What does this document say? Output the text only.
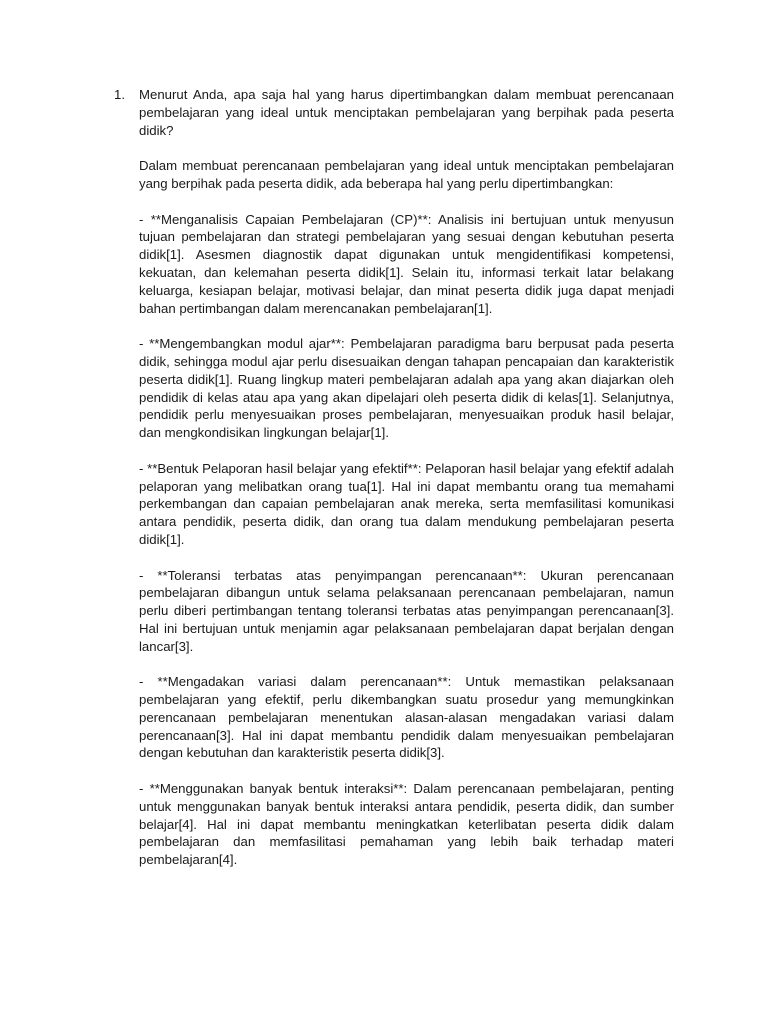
1. Menurut Anda, apa saja hal yang harus dipertimbangkan dalam membuat perencanaan pembelajaran yang ideal untuk menciptakan pembelajaran yang berpihak pada peserta didik?

Dalam membuat perencanaan pembelajaran yang ideal untuk menciptakan pembelajaran yang berpihak pada peserta didik, ada beberapa hal yang perlu dipertimbangkan:

- **Menganalisis Capaian Pembelajaran (CP)**: Analisis ini bertujuan untuk menyusun tujuan pembelajaran dan strategi pembelajaran yang sesuai dengan kebutuhan peserta didik[1]. Asesmen diagnostik dapat digunakan untuk mengidentifikasi kompetensi, kekuatan, dan kelemahan peserta didik[1]. Selain itu, informasi terkait latar belakang keluarga, kesiapan belajar, motivasi belajar, dan minat peserta didik juga dapat menjadi bahan pertimbangan dalam merencanakan pembelajaran[1].

- **Mengembangkan modul ajar**: Pembelajaran paradigma baru berpusat pada peserta didik, sehingga modul ajar perlu disesuaikan dengan tahapan pencapaian dan karakteristik peserta didik[1]. Ruang lingkup materi pembelajaran adalah apa yang akan diajarkan oleh pendidik di kelas atau apa yang akan dipelajari oleh peserta didik di kelas[1]. Selanjutnya, pendidik perlu menyesuaikan proses pembelajaran, menyesuaikan produk hasil belajar, dan mengkondisikan lingkungan belajar[1].

- **Bentuk Pelaporan hasil belajar yang efektif**: Pelaporan hasil belajar yang efektif adalah pelaporan yang melibatkan orang tua[1]. Hal ini dapat membantu orang tua memahami perkembangan dan capaian pembelajaran anak mereka, serta memfasilitasi komunikasi antara pendidik, peserta didik, dan orang tua dalam mendukung pembelajaran peserta didik[1].

- **Toleransi terbatas atas penyimpangan perencanaan**: Ukuran perencanaan pembelajaran dibangun untuk selama pelaksanaan perencanaan pembelajaran, namun perlu diberi pertimbangan tentang toleransi terbatas atas penyimpangan perencanaan[3]. Hal ini bertujuan untuk menjamin agar pelaksanaan pembelajaran dapat berjalan dengan lancar[3].

- **Mengadakan variasi dalam perencanaan**: Untuk memastikan pelaksanaan pembelajaran yang efektif, perlu dikembangkan suatu prosedur yang memungkinkan perencanaan pembelajaran menentukan alasan-alasan mengadakan variasi dalam perencanaan[3]. Hal ini dapat membantu pendidik dalam menyesuaikan pembelajaran dengan kebutuhan dan karakteristik peserta didik[3].

- **Menggunakan banyak bentuk interaksi**: Dalam perencanaan pembelajaran, penting untuk menggunakan banyak bentuk interaksi antara pendidik, peserta didik, dan sumber belajar[4]. Hal ini dapat membantu meningkatkan keterlibatan peserta didik dalam pembelajaran dan memfasilitasi pemahaman yang lebih baik terhadap materi pembelajaran[4].
